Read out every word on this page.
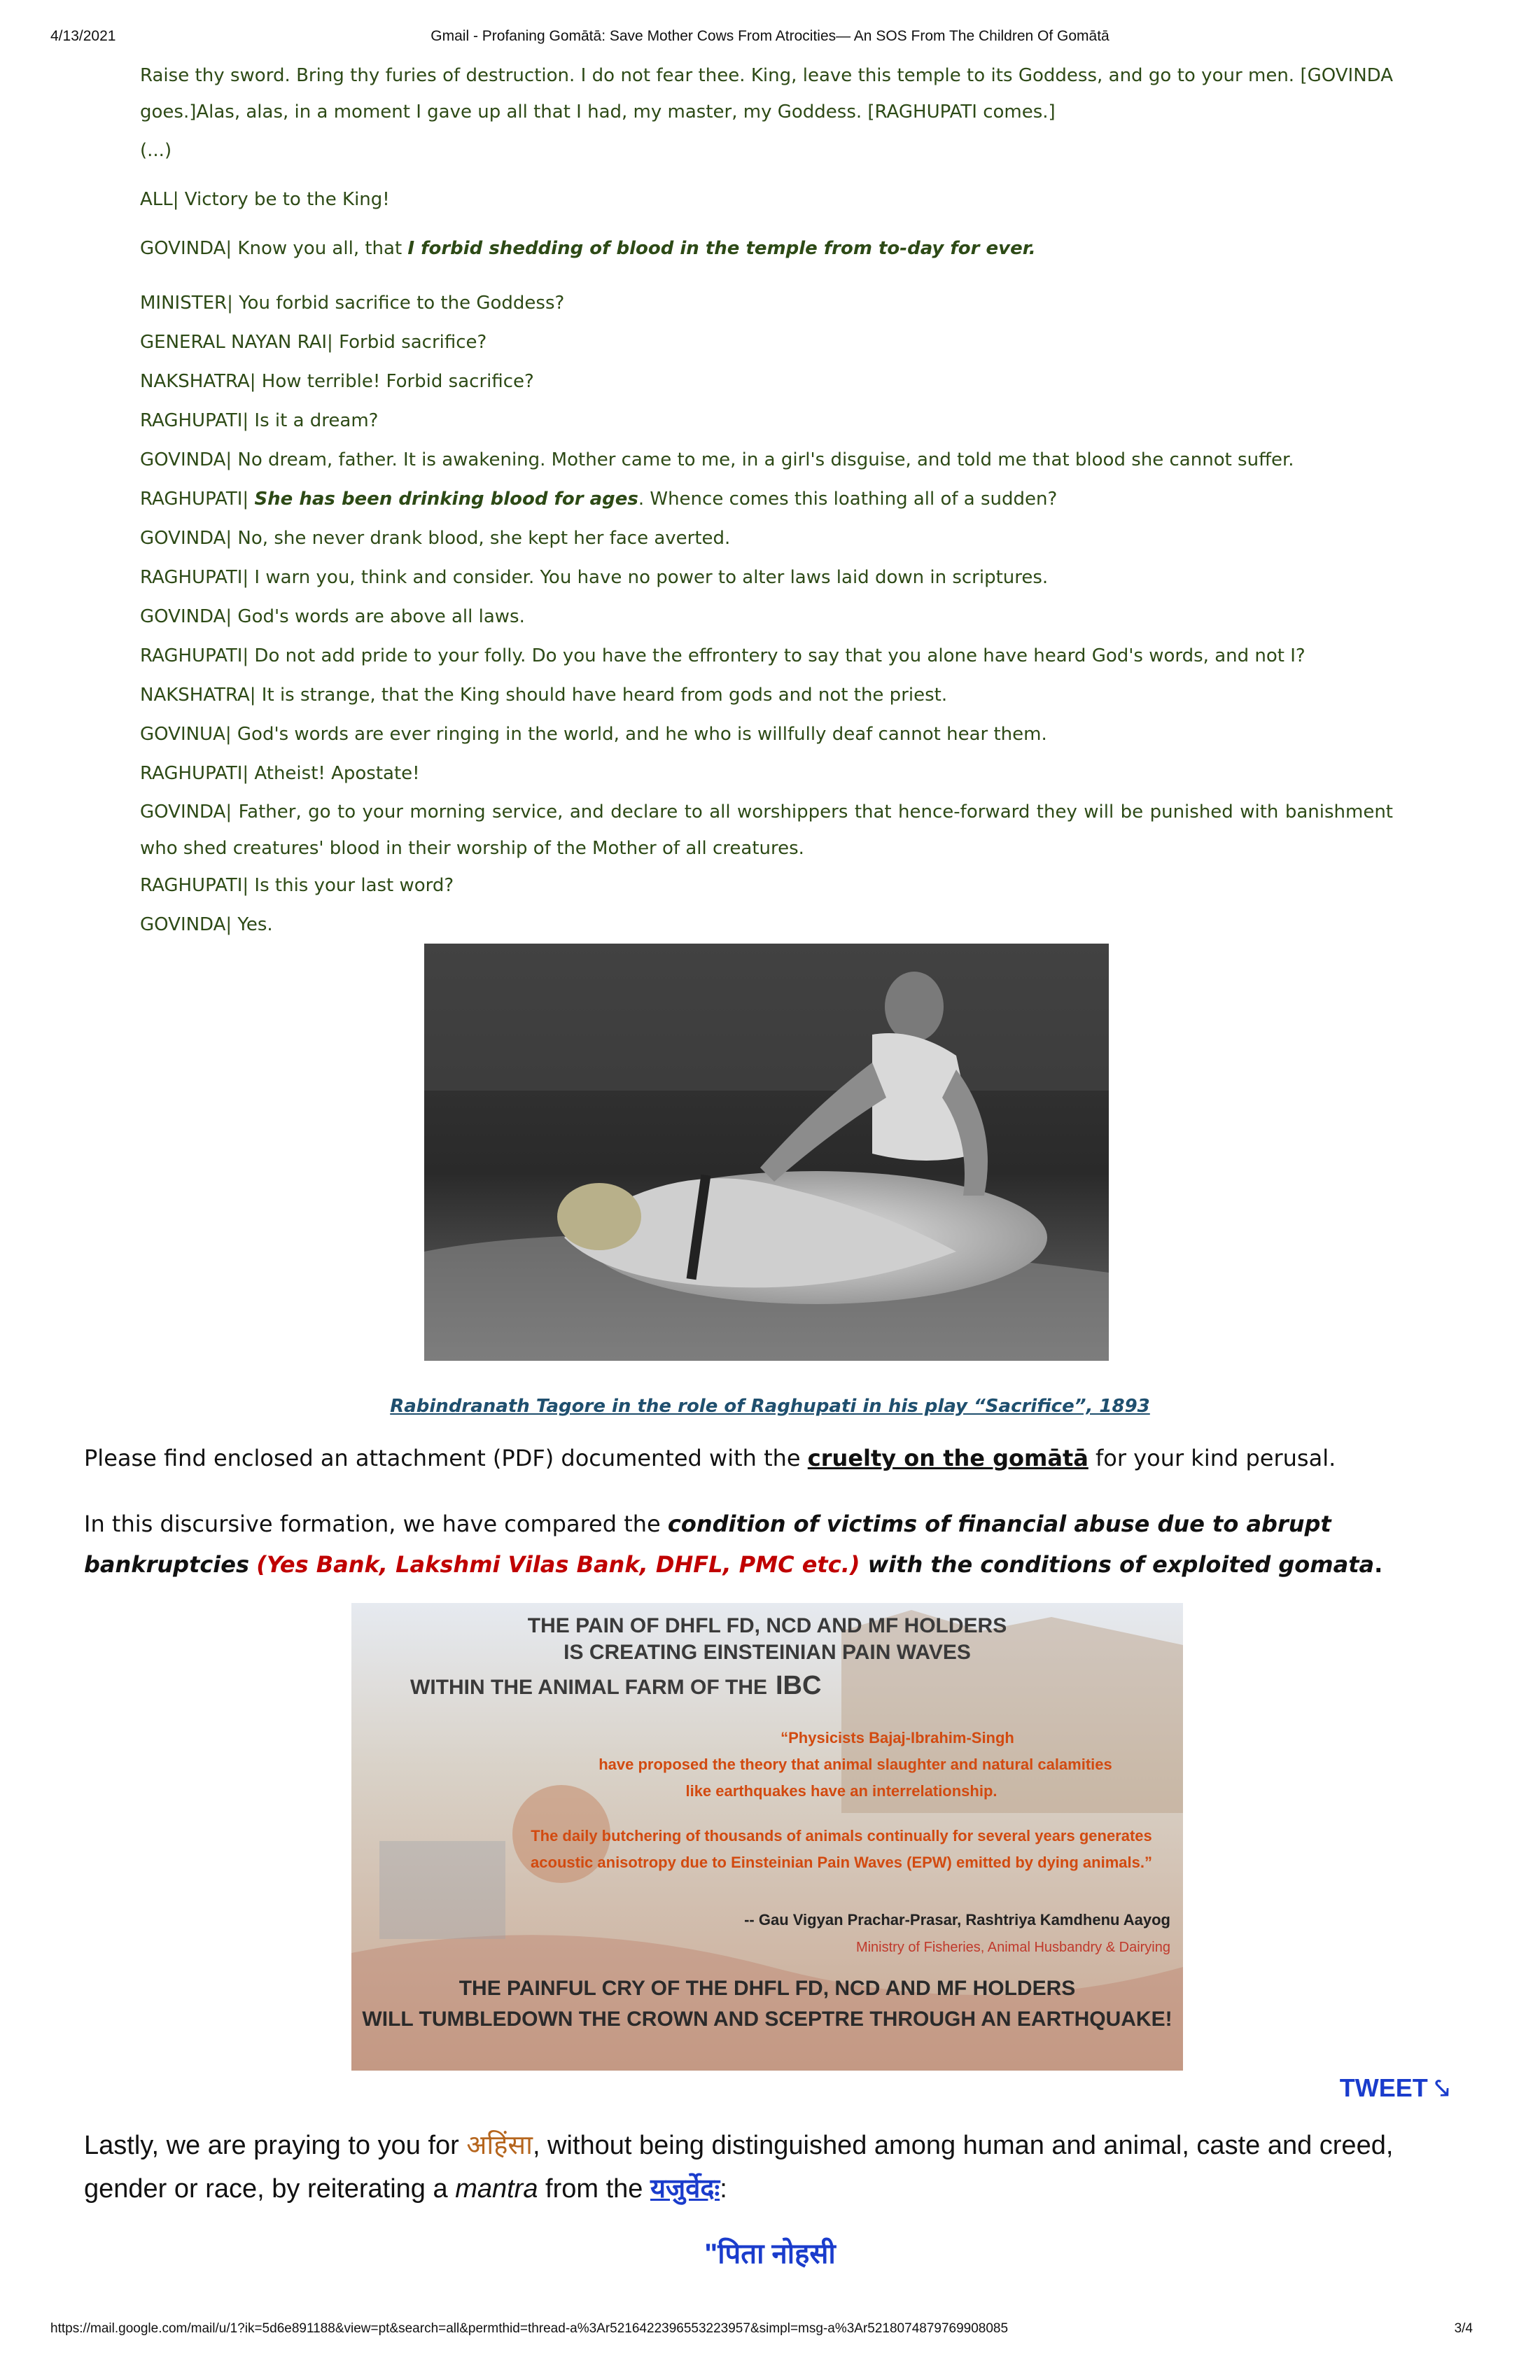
4/13/2021	Gmail - Profaning Gomātā: Save Mother Cows From Atrocities— An SOS From The Children Of Gomātā
Raise thy sword. Bring thy furies of destruction. I do not fear thee. King, leave this temple to its Goddess, and go to your men. [GOVINDA goes.]Alas, alas, in a moment I gave up all that I had, my master, my Goddess. [RAGHUPATI comes.]
(...)
ALL| Victory be to the King!
GOVINDA| Know you all, that I forbid shedding of blood in the temple from to-day for ever.
MINISTER| You forbid sacrifice to the Goddess?
GENERAL NAYAN RAI| Forbid sacrifice?
NAKSHATRA| How terrible! Forbid sacrifice?
RAGHUPATI| Is it a dream?
GOVINDA| No dream, father. It is awakening. Mother came to me, in a girl's disguise, and told me that blood she cannot suffer.
RAGHUPATI| She has been drinking blood for ages. Whence comes this loathing all of a sudden?
GOVINDA| No, she never drank blood, she kept her face averted.
RAGHUPATI| I warn you, think and consider. You have no power to alter laws laid down in scriptures.
GOVINDA| God's words are above all laws.
RAGHUPATI| Do not add pride to your folly. Do you have the effrontery to say that you alone have heard God's words, and not I?
NAKSHATRA| It is strange, that the King should have heard from gods and not the priest.
GOVINUA| God's words are ever ringing in the world, and he who is willfully deaf cannot hear them.
RAGHUPATI| Atheist! Apostate!
GOVINDA| Father, go to your morning service, and declare to all worshippers that hence-forward they will be punished with banishment who shed creatures' blood in their worship of the Mother of all creatures.
RAGHUPATI| Is this your last word?
GOVINDA| Yes.
Rabindranath Tagore in the role of Raghupati in his play “Sacrifice”, 1893
Please find enclosed an attachment (PDF) documented with the cruelty on the gomātā for your kind perusal.
In this discursive formation, we have compared the condition of victims of financial abuse due to abrupt bankruptcies (Yes Bank, Lakshmi Vilas Bank, DHFL, PMC etc.) with the conditions of exploited gomata.
THE PAIN OF DHFL FD, NCD AND MF HOLDERS
IS CREATING EINSTEINIAN PAIN WAVES
WITHIN THE ANIMAL FARM OF THE IBC
“Physicists Bajaj-Ibrahim-Singh
have proposed the theory that animal slaughter and natural calamities
like earthquakes have an interrelationship.
The daily butchering of thousands of animals continually for several years generates
acoustic anisotropy due to Einsteinian Pain Waves (EPW) emitted by dying animals.”
-- Gau Vigyan Prachar-Prasar, Rashtriya Kamdhenu Aayog
Ministry of Fisheries, Animal Husbandry & Dairying
THE PAINFUL CRY OF THE DHFL FD, NCD AND MF HOLDERS
WILL TUMBLEDOWN THE CROWN AND SCEPTRE THROUGH AN EARTHQUAKE!
TWEET ⤥
Lastly, we are praying to you for अहिंसा, without being distinguished among human and animal, caste and creed, gender or race, by reiterating a mantra from the यजुर्वेदः:
"पिता नोहसी
https://mail.google.com/mail/u/1?ik=5d6e891188&view=pt&search=all&permthid=thread-a%3Ar5216422396553223957&simpl=msg-a%3Ar5218074879769908085	3/4
